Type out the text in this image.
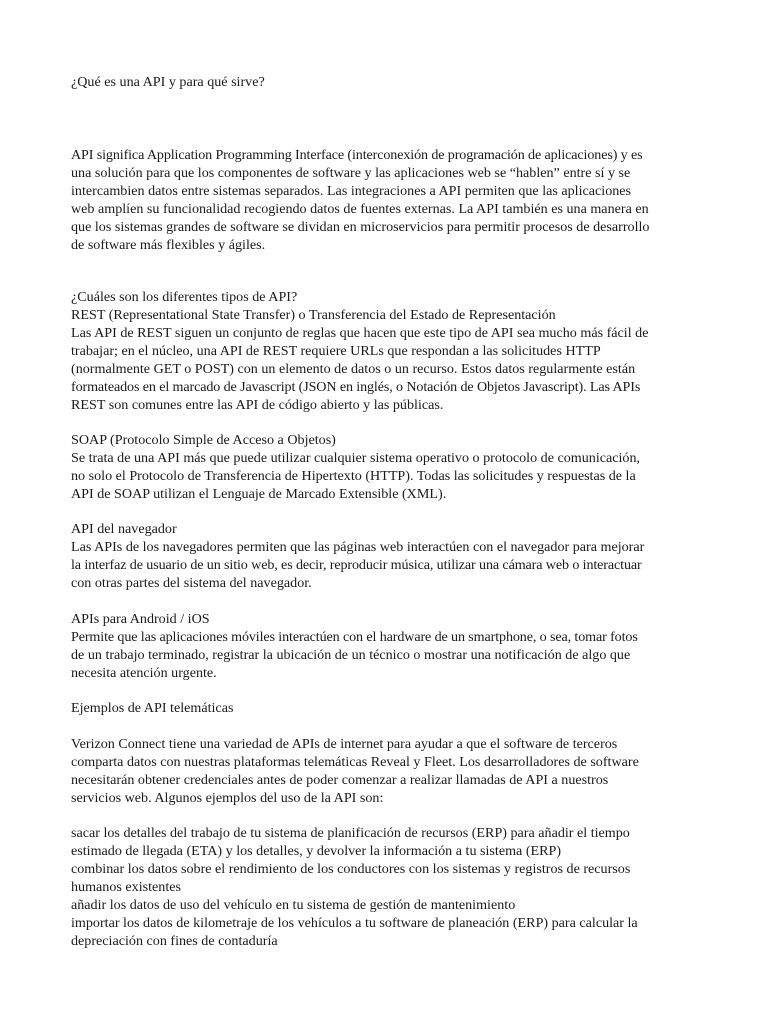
¿Qué es una API y para qué sirve?

API significa Application Programming Interface (interconexión de programación de aplicaciones) y es
una solución para que los componentes de software y las aplicaciones web se “hablen” entre sí y se
intercambien datos entre sistemas separados. Las integraciones a API permiten que las aplicaciones
web amplíen su funcionalidad recogiendo datos de fuentes externas. La API también es una manera en
que los sistemas grandes de software se dividan en microservicios para permitir procesos de desarrollo
de software más flexibles y ágiles.

¿Cuáles son los diferentes tipos de API?
REST (Representational State Transfer) o Transferencia del Estado de Representación
Las API de REST siguen un conjunto de reglas que hacen que este tipo de API sea mucho más fácil de
trabajar; en el núcleo, una API de REST requiere URLs que respondan a las solicitudes HTTP
(normalmente GET o POST) con un elemento de datos o un recurso. Estos datos regularmente están
formateados en el marcado de Javascript (JSON en inglés, o Notación de Objetos Javascript). Las APIs
REST son comunes entre las API de código abierto y las públicas.

SOAP (Protocolo Simple de Acceso a Objetos)
Se trata de una API más que puede utilizar cualquier sistema operativo o protocolo de comunicación,
no solo el Protocolo de Transferencia de Hipertexto (HTTP). Todas las solicitudes y respuestas de la
API de SOAP utilizan el Lenguaje de Marcado Extensible (XML).

API del navegador
Las APIs de los navegadores permiten que las páginas web interactúen con el navegador para mejorar
la interfaz de usuario de un sitio web, es decir, reproducir música, utilizar una cámara web o interactuar
con otras partes del sistema del navegador.

APIs para Android / iOS
Permite que las aplicaciones móviles interactúen con el hardware de un smartphone, o sea, tomar fotos
de un trabajo terminado, registrar la ubicación de un técnico o mostrar una notificación de algo que
necesita atención urgente.

Ejemplos de API telemáticas

Verizon Connect tiene una variedad de APIs de internet para ayudar a que el software de terceros
comparta datos con nuestras plataformas telemáticas Reveal y Fleet. Los desarrolladores de software
necesitarán obtener credenciales antes de poder comenzar a realizar llamadas de API a nuestros
servicios web. Algunos ejemplos del uso de la API son:

sacar los detalles del trabajo de tu sistema de planificación de recursos (ERP) para añadir el tiempo
estimado de llegada (ETA) y los detalles, y devolver la información a tu sistema (ERP)
combinar los datos sobre el rendimiento de los conductores con los sistemas y registros de recursos
humanos existentes
añadir los datos de uso del vehículo en tu sistema de gestión de mantenimiento
importar los datos de kilometraje de los vehículos a tu software de planeación (ERP) para calcular la
depreciación con fines de contaduría
